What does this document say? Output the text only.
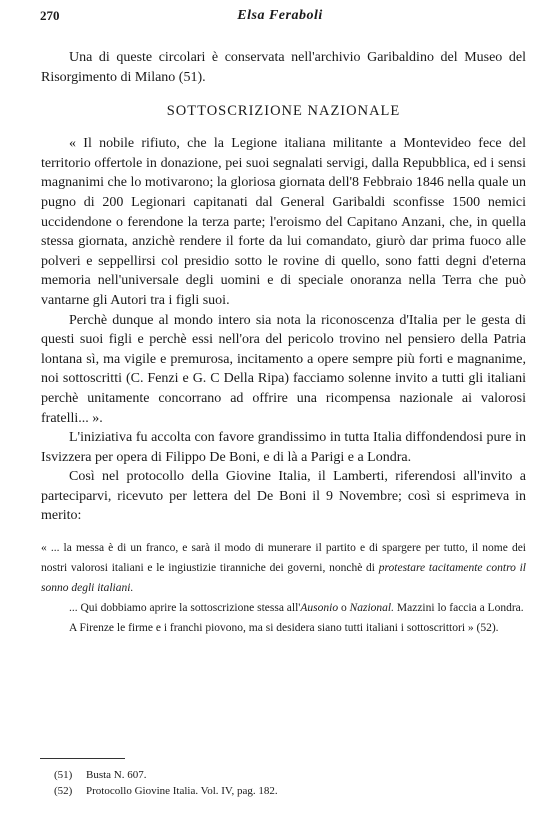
270	Elsa Feraboli

Una di queste circolari è conservata nell'archivio Garibaldino del Museo del Risorgimento di Milano (51).

SOTTOSCRIZIONE NAZIONALE

« Il nobile rifiuto, che la Legione italiana militante a Montevideo fece del territorio offertole in donazione, pei suoi segnalati servigi, dalla Repubblica, ed i sensi magnanimi che lo motivarono; la gloriosa giornata dell'8 Febbraio 1846 nella quale un pugno di 200 Legionari capitanati dal General Garibaldi sconfisse 1500 nemici uccidendone o ferendone la terza parte; l'eroismo del Capitano Anzani, che, in quella stessa giornata, anzichè rendere il forte da lui comandato, giurò dar prima fuoco alle polveri e seppellirsi col presidio sotto le rovine di quello, sono fatti degni d'eterna memoria nell'universale degli uomini e di speciale onoranza nella Terra che può vantarne gli Autori tra i figli suoi.

Perchè dunque al mondo intero sia nota la riconoscenza d'Italia per le gesta di questi suoi figli e perchè essi nell'ora del pericolo trovino nel pensiero della Patria lontana sì, ma vigile e premurosa, incitamento a opere sempre più forti e magnanime, noi sottoscritti (C. Fenzi e G. C Della Ripa) facciamo solenne invito a tutti gli italiani perchè unitamente concorrano ad offrire una ricompensa nazionale ai valorosi fratelli... ».

L'iniziativa fu accolta con favore grandissimo in tutta Italia diffondendosi pure in Isvizzera per opera di Filippo De Boni, e di là a Parigi e a Londra.

Così nel protocollo della Giovine Italia, il Lamberti, riferendosi all'invito a parteciparvi, ricevuto per lettera del De Boni il 9 Novembre; così si esprimeva in merito:

« ... la messa è di un franco, e sarà il modo di munerare il partito e di spargere per tutto, il nome dei nostri valorosi italiani e le ingiustizie tiranniche dei governi, nonchè di protestare tacitamente contro il sonno degli italiani.

... Qui dobbiamo aprire la sottoscrizione stessa all'Ausonio o Nazional. Mazzini lo faccia a Londra.

A Firenze le firme e i franchi piovono, ma si desidera siano tutti italiani i sottoscrittori » (52).

(51) Busta N. 607.
(52) Protocollo Giovine Italia. Vol. IV, pag. 182.
